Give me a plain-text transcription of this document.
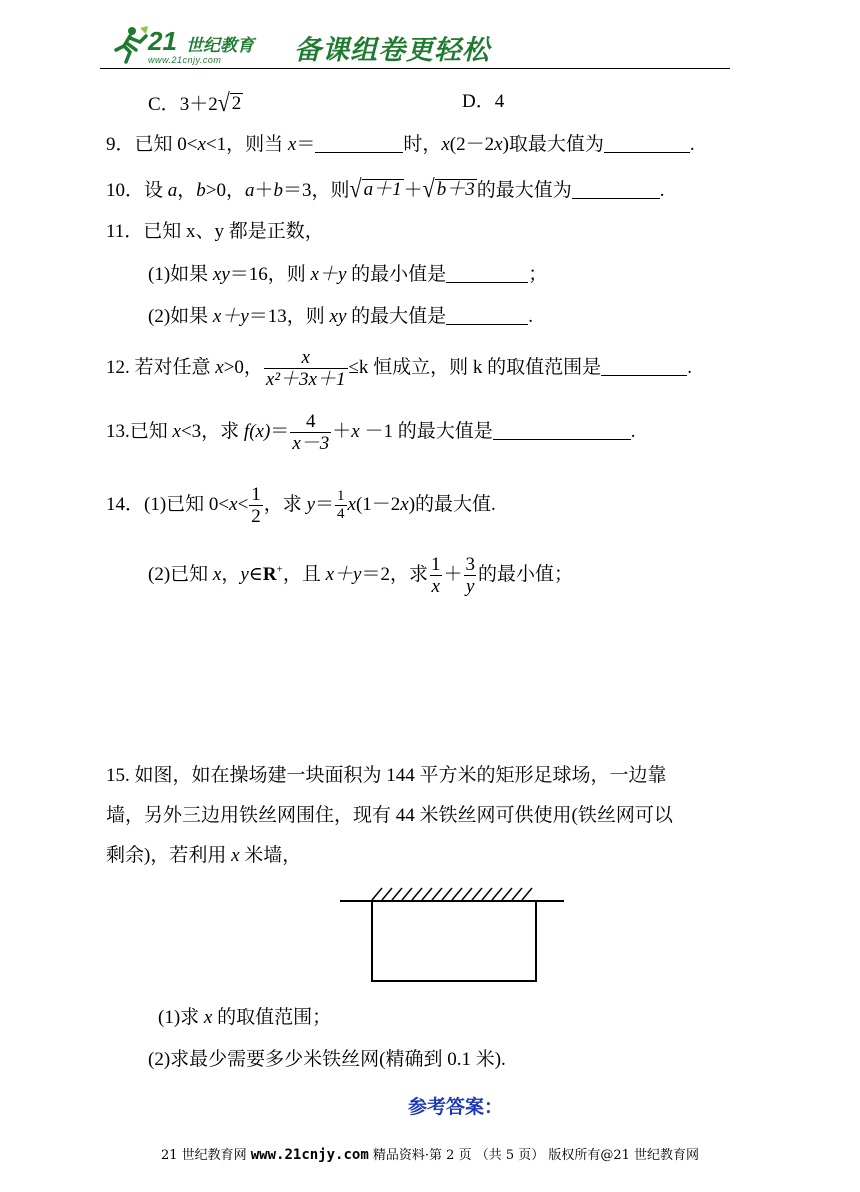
21 世纪教育
www.21cnjy.com	备课组卷更轻松
C．3＋2 √ 2	D．4
9．已知 0<x<1，则当 x＝	时，x(2－2x)取最大值为	.
10．设 a，b>0，a＋b＝3，则 √ a＋1 ＋ √ b＋3 的最大值为	.
11．已知 x、y 都是正数，
(1)如果 xy＝16，则 x＋y 的最小值是	；
(2)如果 x＋y＝13，则 xy 的最大值是	.
12. 若对任意 x>0， $\frac{x}{\text{x²＋3x＋1}} \le k$ 恒成立，则 k 的取值范围是	.
13.已知 x<3，求 $f(x)= \frac{4}{x-3} +x -1$ 的最大值是	.
14．(1)已知 $0<x< \frac{1}{2}$ ，求 $y= \frac{1}{4} x(1-2x)$的最大值.
(2)已知 x，y∈R+，且 x＋y＝2，求 $\frac{1}{x} + \frac{3}{y}$ 的最小值；
15. 如图，如在操场建一块面积为 144 平方米的矩形足球场，一边靠
墙，另外三边用铁丝网围住，现有 44 米铁丝网可供使用(铁丝网可以
剩余)，若利用 x 米墙，
(1)求 x 的取值范围；
(2)求最少需要多少米铁丝网(精确到 0.1 米).
参考答案：
21 世纪教育网 www.21cnjy.com 精品资料·第 2 页 （共 5 页） 版权所有@21 世纪教育网
